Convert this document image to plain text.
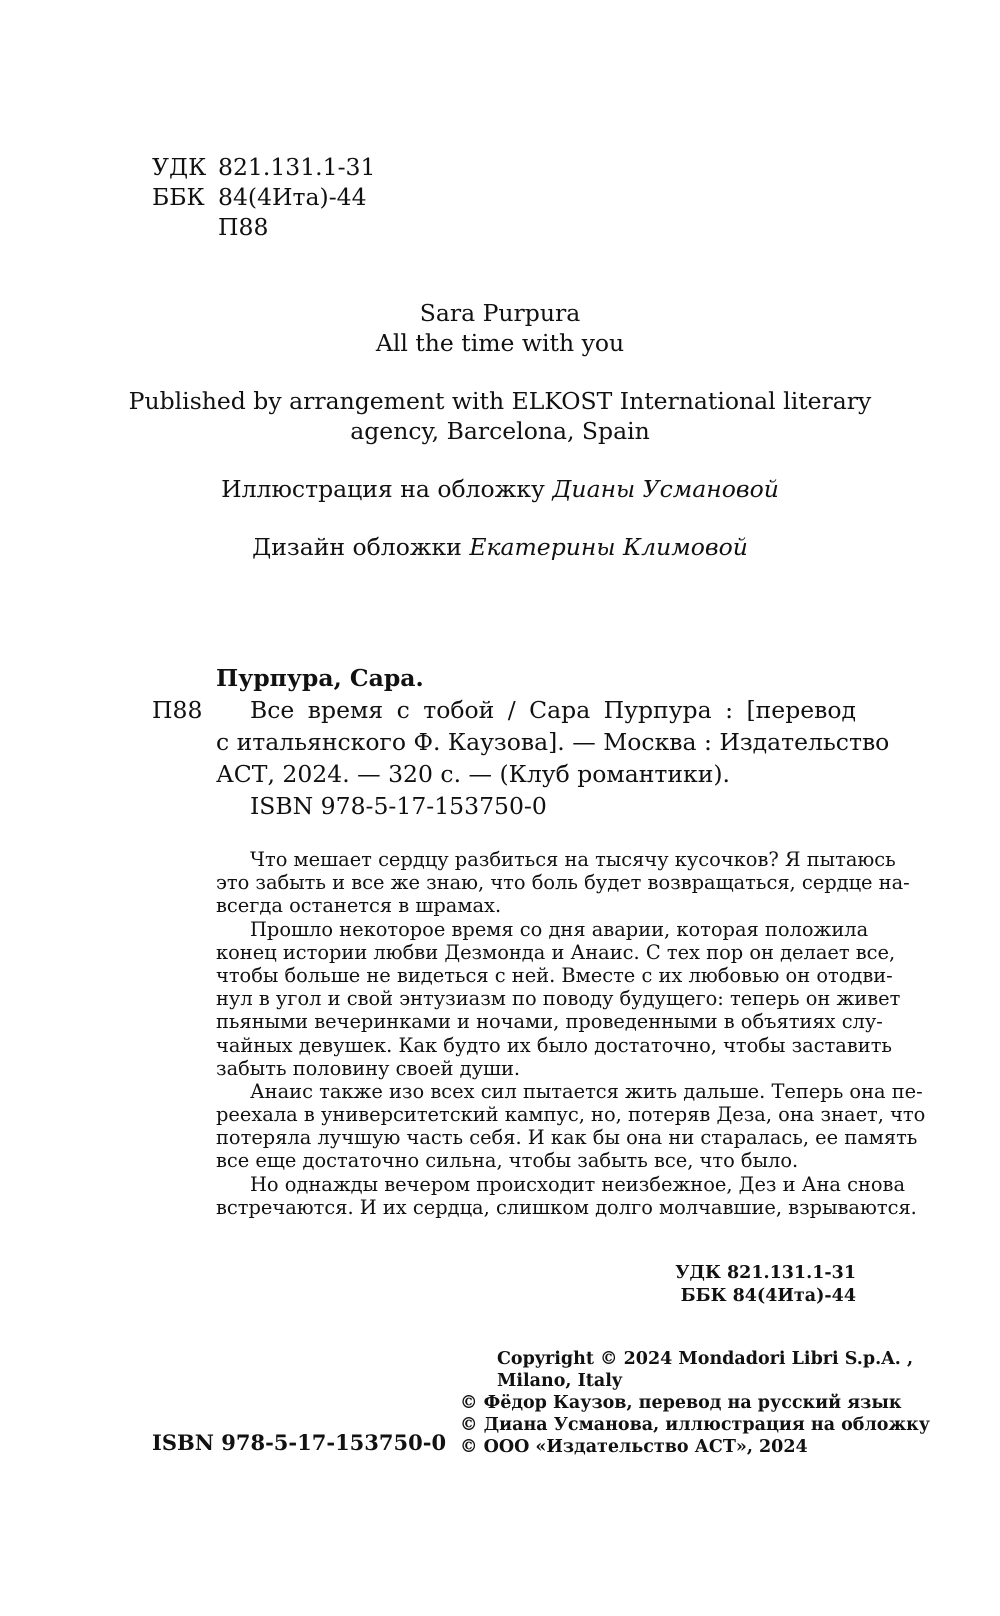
УДК 821.131.1-31
ББК 84(4Ита)-44
П88
Sara Purpura
All the time with you
Published by arrangement with ELKOST International literary
agency, Barcelona, Spain
Иллюстрация на обложку Дианы Усмановой
Дизайн обложки Екатерины Климовой
Пурпура, Сара.
П88 Все время с тобой / Сара Пурпура : [перевод
с итальянского Ф. Каузова]. — Москва : Издательство
АСТ, 2024. — 320 с. — (Клуб романтики).
ISBN 978-5-17-153750-0
Что мешает сердцу разбиться на тысячу кусочков? Я пытаюсь
это забыть и все же знаю, что боль будет возвращаться, сердце на-
всегда останется в шрамах.
Прошло некоторое время со дня аварии, которая положила
конец истории любви Дезмонда и Анаис. С тех пор он делает все,
чтобы больше не видеться с ней. Вместе с их любовью он отодви-
нул в угол и свой энтузиазм по поводу будущего: теперь он живет
пьяными вечеринками и ночами, проведенными в объятиях слу-
чайных девушек. Как будто их было достаточно, чтобы заставить
забыть половину своей души.
Анаис также изо всех сил пытается жить дальше. Теперь она пе-
реехала в университетский кампус, но, потеряв Деза, она знает, что
потеряла лучшую часть себя. И как бы она ни старалась, ее память
все еще достаточно сильна, чтобы забыть все, что было.
Но однажды вечером происходит неизбежное, Дез и Ана снова
встречаются. И их сердца, слишком долго молчавшие, взрываются.
УДК 821.131.1-31
ББК 84(4Ита)-44
Copyright © 2024 Mondadori Libri S.p.A. ,
Milano, Italy
© Фёдор Каузов, перевод на русский язык
© Диана Усманова, иллюстрация на обложку
© ООО «Издательство АСТ», 2024
ISBN 978-5-17-153750-0
